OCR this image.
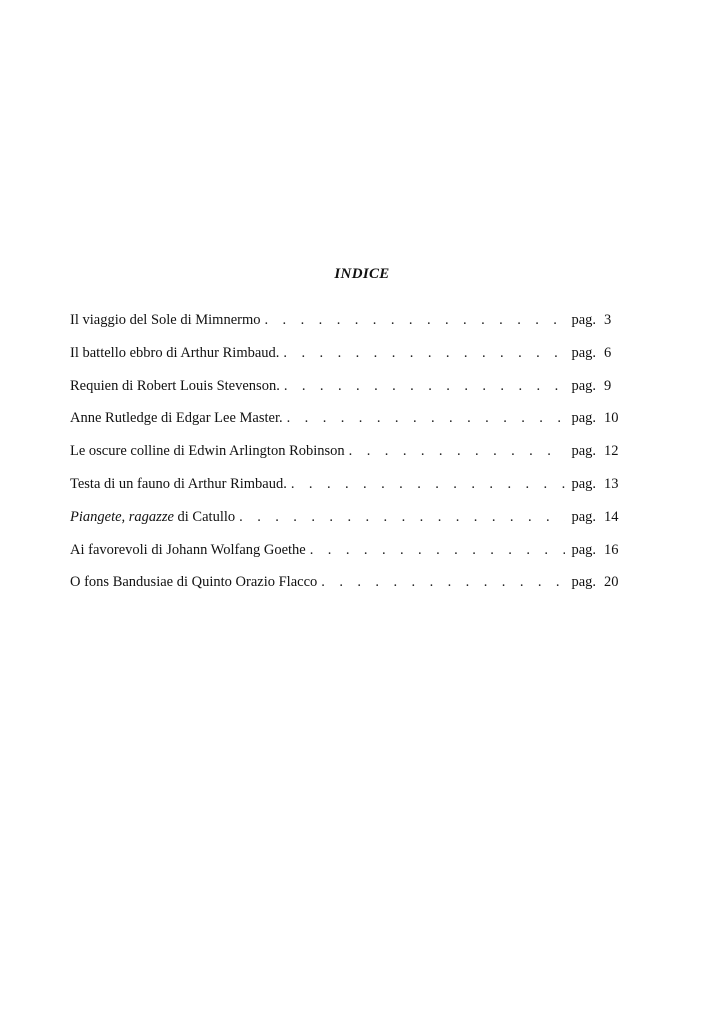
INDICE
Il viaggio del Sole di Mimnermo . . .	pag. 3
Il battello ebbro di Arthur Rimbaud. . . .	pag. 6
Requien di Robert Louis Stevenson. . . .	pag. 9
Anne Rutledge di Edgar Lee Master. . . .	pag. 10
Le oscure colline di Edwin Arlington Robinson . . .	pag. 12
Testa di un fauno di Arthur Rimbaud. . . .	pag. 13
Piangete, ragazze di Catullo . . .	pag. 14
Ai favorevoli di Johann Wolfang Goethe . . .	pag. 16
O fons Bandusiae di Quinto Orazio Flacco . . .	pag. 20
